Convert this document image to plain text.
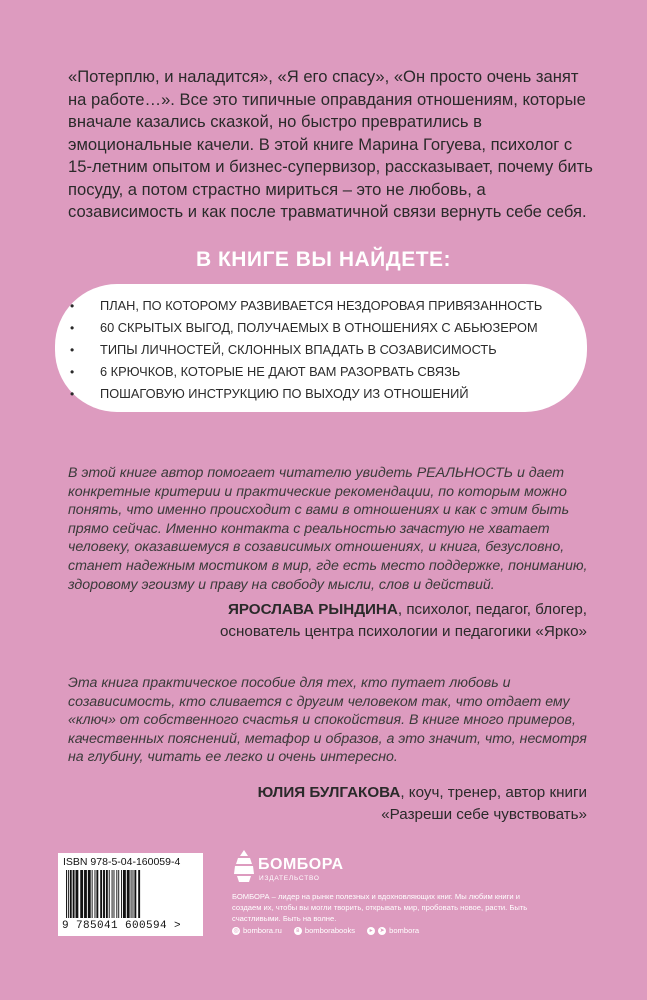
«Потерплю, и наладится», «Я его спасу», «Он просто очень занят на работе…». Все это типичные оправдания отношениям, которые вначале казались сказкой, но быстро превратились в эмоциональные качели. В этой книге Марина Гогуева, психолог с 15-летним опытом и бизнес-супервизор, рассказывает, почему бить посуду, а потом страстно мириться – это не любовь, а созависимость и как после травматичной связи вернуть себе себя.
В КНИГЕ ВЫ НАЙДЕТЕ:
• ПЛАН, ПО КОТОРОМУ РАЗВИВАЕТСЯ НЕЗДОРОВАЯ ПРИВЯЗАННОСТЬ
• 60 СКРЫТЫХ ВЫГОД, ПОЛУЧАЕМЫХ В ОТНОШЕНИЯХ С АБЬЮЗЕРОМ
• ТИПЫ ЛИЧНОСТЕЙ, СКЛОННЫХ ВПАДАТЬ В СОЗАВИСИМОСТЬ
• 6 КРЮЧКОВ, КОТОРЫЕ НЕ ДАЮТ ВАМ РАЗОРВАТЬ СВЯЗЬ
• ПОШАГОВУЮ ИНСТРУКЦИЮ ПО ВЫХОДУ ИЗ ОТНОШЕНИЙ
В этой книге автор помогает читателю увидеть РЕАЛЬНОСТЬ и дает конкретные критерии и практические рекомендации, по которым можно понять, что именно происходит с вами в отношениях и как с этим быть прямо сейчас. Именно контакта с реальностью зачастую не хватает человеку, оказавшемуся в созависимых отношениях, и книга, безусловно, станет надежным мостиком в мир, где есть место поддержке, пониманию, здоровому эгоизму и праву на свободу мысли, слов и действий.
ЯРОСЛАВА РЫНДИНА, психолог, педагог, блогер,
основатель центра психологии и педагогики «Ярко»
Эта книга практическое пособие для тех, кто путает любовь и созависимость, кто сливается с другим человеком так, что отдает ему «ключ» от собственного счастья и спокойствия. В книге много примеров, качественных пояснений, метафор и образов, а это значит, что, несмотря на глубину, читать ее легко и очень интересно.
ЮЛИЯ БУЛГАКОВА, коуч, тренер, автор книги
«Разреши себе чувствовать»
ISBN 978-5-04-160059-4
9 785041 600594 >
БОМБОРА
ИЗДАТЕЛЬСТВО
БОМБОРА – лидер на рынке полезных и вдохновляющих книг. Мы любим книги и создаем их, чтобы вы могли творить, открывать мир, пробовать новое, расти. Быть счастливыми. Быть на волне.
◎ bombora.ru	в bomborabooks	▸	➤ bombora
